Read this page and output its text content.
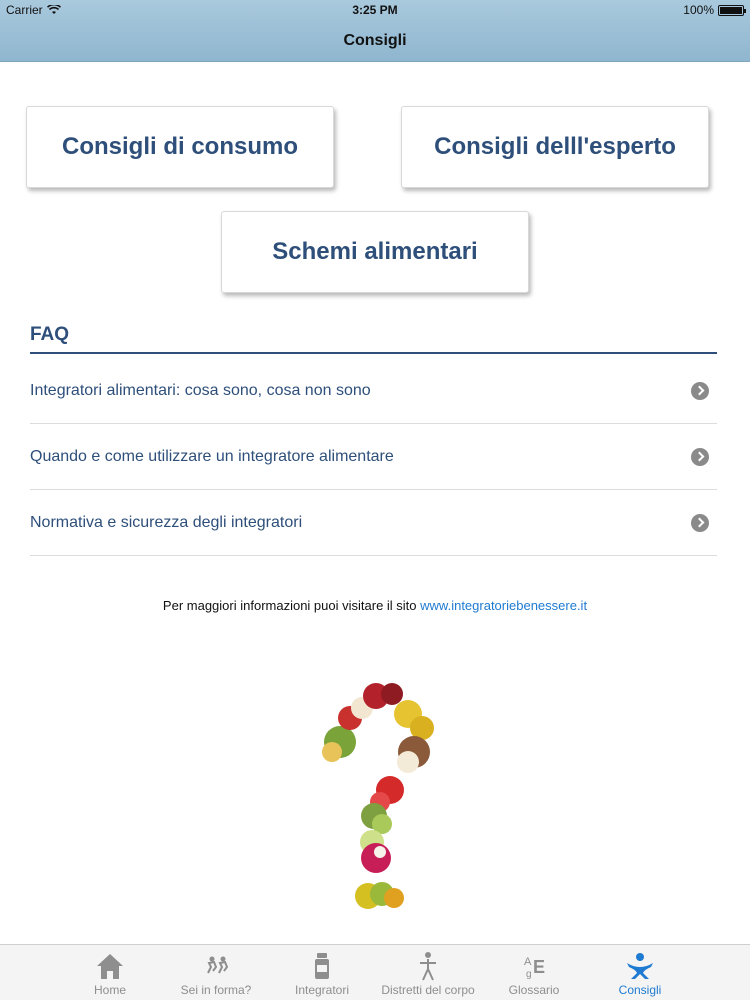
Carrier	3:25 PM	100%
Consigli
Consigli di consumo	Consigli delll'esperto
Schemi alimentari
FAQ
Integratori alimentari: cosa sono, cosa non sono
Quando e come utilizzare un integratore alimentare
Normativa e sicurezza degli integratori
Per maggiori informazioni puoi visitare il sito www.integratoriebenessere.it
Home	Sei in forma?	Integratori	Distretti del corpo
A
g E
Glossario	Consigli
